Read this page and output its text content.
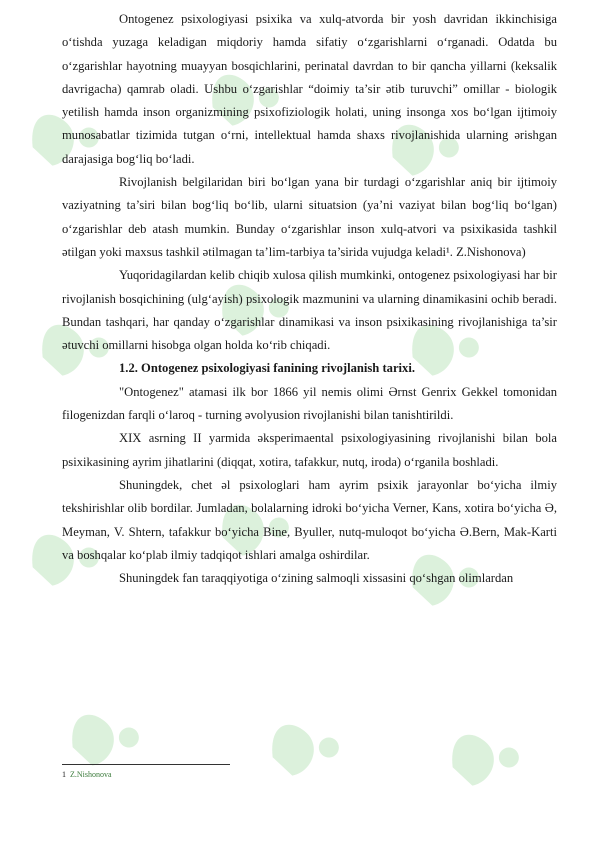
Ontogenez psixologiyasi psixika va xulq-atvorda bir yosh davridan ikkinchisiga o‘tishda yuzaga keladigan miqdoriy hamda sifatiy o‘zgarishlarni o‘rganadi. Odatda bu o‘zgarishlar hayotning muayyan bosqichlarini, perinatal davrdan to bir qancha yillarni (keksalik davrigacha) qamrab oladi. Ushbu o‘zgarishlar “doimiy ta’sir ətib turuvchi” omillar - biologik yetilish hamda inson organizmining psixofiziologik holati, uning insonga xos bo‘lgan ijtimoiy munosabatlar tizimida tutgan o‘rni, intellektual hamda shaxs rivojlanishida ularning ərishgan darajasiga bog‘liq bo‘ladi.

Rivojlanish belgilaridan biri bo‘lgan yana bir turdagi o‘zgarishlar aniq bir ijtimoiy vaziyatning ta’siri bilan bog‘liq bo‘lib, ularni situatsion (ya’ni vaziyat bilan bog‘liq bo‘lgan) o‘zgarishlar deb atash mumkin. Bunday o‘zgarishlar inson xulq-atvori va psixikasida tashkil ətilgan yoki maxsus tashkil ətilmagan ta’lim-tarbiya ta’sirida vujudga keladi¹. Z.Nishonova)

Yuqoridagilardan kelib chiqib xulosa qilish mumkinki, ontogenez psixologiyasi har bir rivojlanish bosqichining (ulg‘ayish) psixologik mazmunini va ularning dinamikasini ochib beradi. Bundan tashqari, har qanday o‘zgarishlar dinamikasi va inson psixikasining rivojlanishiga ta’sir ətuvchi omillarni hisobga olgan holda ko‘rib chiqadi.

1.2. Ontogenez psixologiyasi fanining rivojlanish tarixi.

"Ontogenez" atamasi ilk bor 1866 yil nemis olimi Ərnst Genrix Gekkel tomonidan filogenizdan farqli o‘laroq - turning əvolyusion rivojlanishi bilan tanishtirildi.

XIX asrning II yarmida əksperimaental psixologiyasining rivojlanishi bilan bola psixikasining ayrim jihatlarini (diqqat, xotira, tafakkur, nutq, iroda) o‘rganila boshladi.

Shuningdek, chet əl psixologlari ham ayrim psixik jarayonlar bo‘yicha ilmiy tekshirishlar olib bordilar. Jumladan, bolalarning idroki bo‘yicha Verner, Kans, xotira bo‘yicha Ə, Meyman, V. Shtern, tafakkur bo‘yicha Bine, Byuller, nutq-muloqot bo‘yicha Ə.Bern, Mak-Karti va boshqalar ko‘plab ilmiy tadqiqot ishlari amalga oshirdilar.

Shuningdek fan taraqqiyotiga o‘zining salmoqli xissasini qo‘shgan olimlardan

$^1$ Z.Nishonova
